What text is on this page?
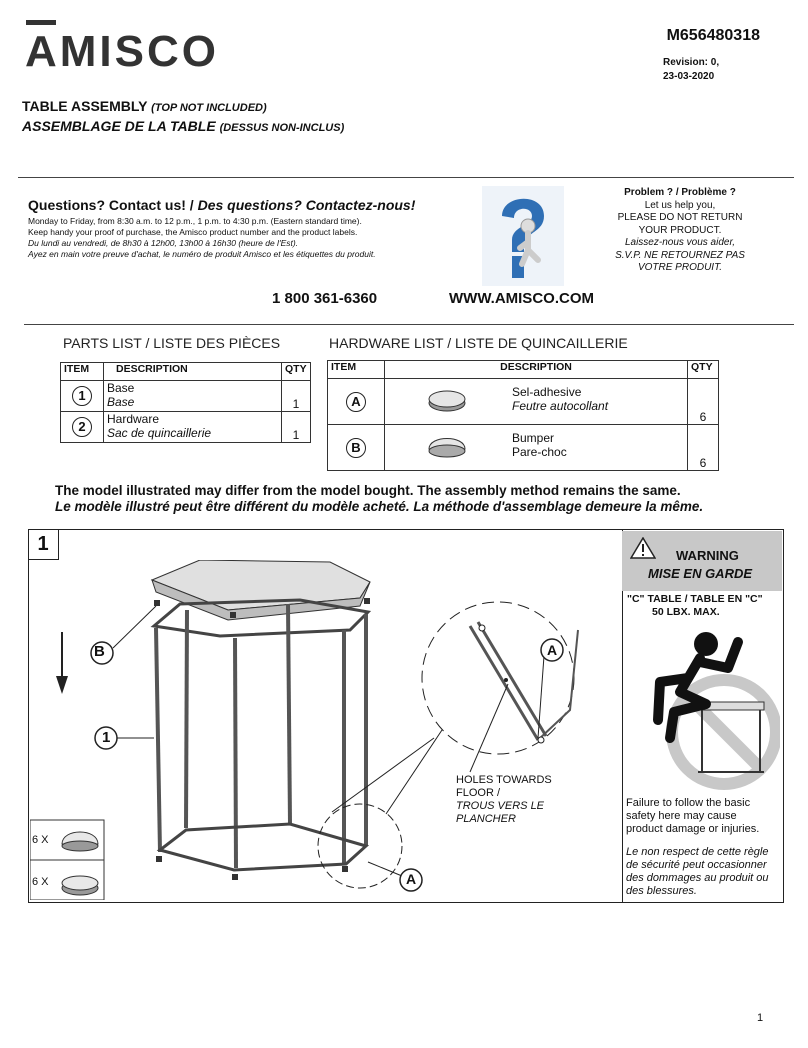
AMISCO	M656480318
Revision: 0,
23-03-2020
TABLE ASSEMBLY (TOP NOT INCLUDED)
ASSEMBLAGE DE LA TABLE (DESSUS NON-INCLUS)
Questions? Contact us! / Des questions? Contactez-nous!
Monday to Friday, from 8:30 a.m. to 12 p.m., 1 p.m. to 4:30 p.m. (Eastern standard time).
Keep handy your proof of purchase, the Amisco product number and the product labels.
Du lundi au vendredi, de 8h30 à 12h00, 13h00 à 16h30 (heure de l'Est).
Ayez en main votre preuve d'achat, le numéro de produit Amisco et les étiquettes du produit.
Problem ? / Problème ?
Let us help you,
PLEASE DO NOT RETURN
YOUR PRODUCT.
Laissez-nous vous aider,
S.V.P. NE RETOURNEZ PAS
VOTRE PRODUIT.
1 800 361-6360	WWW.AMISCO.COM
PARTS LIST / LISTE DES PIÈCES
ITEM	DESCRIPTION	QTY
1	Base
Base	1
2	Hardware
Sac de quincaillerie	1
HARDWARE LIST / LISTE DE QUINCAILLERIE
ITEM	DESCRIPTION		QTY
A		Sel-adhesive
Feutre autocollant	6
B		Bumper
Pare-choc	6
The model illustrated may differ from the model bought. The assembly method remains the same.
Le modèle illustré peut être différent du modèle acheté. La méthode d'assemblage demeure la même.
1
B
1
A
A
6 X
6 X
HOLES TOWARDS
FLOOR /
TROUS VERS LE
PLANCHER
WARNING
MISE EN GARDE
"C" TABLE / TABLE EN "C"
50 LBX. MAX.
Failure to follow the basic
safety here may cause
product damage or injuries.
Le non respect de cette règle
de sécurité peut occasionner
des dommages au produit ou
des blessures.
1
